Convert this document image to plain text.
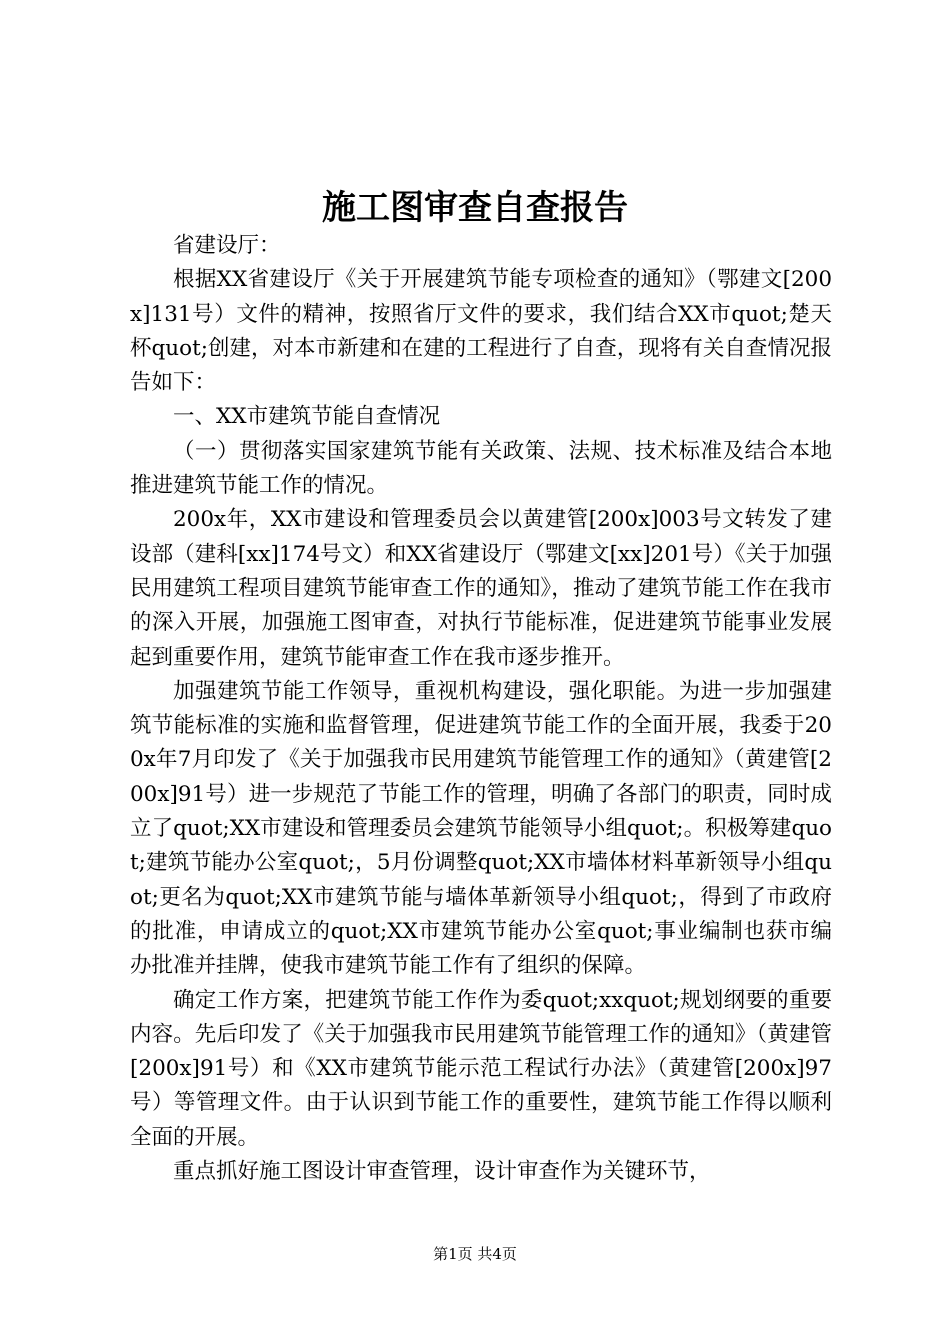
施工图审查自查报告

省建设厅：

根据XX省建设厅《关于开展建筑节能专项检查的通知》（鄂建文[200x]131号）文件的精神，按照省厅文件的要求，我们结合XX市quot;楚天杯quot;创建，对本市新建和在建的工程进行了自查，现将有关自查情况报告如下：

一、XX市建筑节能自查情况

（一）贯彻落实国家建筑节能有关政策、法规、技术标准及结合本地推进建筑节能工作的情况。

200x年，XX市建设和管理委员会以黄建管[200x]003号文转发了建设部（建科[xx]174号文）和XX省建设厅（鄂建文[xx]201号）《关于加强民用建筑工程项目建筑节能审查工作的通知》，推动了建筑节能工作在我市的深入开展，加强施工图审查，对执行节能标准，促进建筑节能事业发展起到重要作用，建筑节能审查工作在我市逐步推开。

加强建筑节能工作领导，重视机构建设，强化职能。为进一步加强建筑节能标准的实施和监督管理，促进建筑节能工作的全面开展，我委于200x年7月印发了《关于加强我市民用建筑节能管理工作的通知》（黄建管[200x]91号）进一步规范了节能工作的管理，明确了各部门的职责，同时成立了quot;XX市建设和管理委员会建筑节能领导小组quot;。积极筹建quot;建筑节能办公室quot;，5月份调整quot;XX市墙体材料革新领导小组quot;更名为quot;XX市建筑节能与墙体革新领导小组quot;，得到了市政府的批准，申请成立的quot;XX市建筑节能办公室quot;事业编制也获市编办批准并挂牌，使我市建筑节能工作有了组织的保障。

确定工作方案，把建筑节能工作作为委quot;xxquot;规划纲要的重要内容。先后印发了《关于加强我市民用建筑节能管理工作的通知》（黄建管[200x]91号）和《XX市建筑节能示范工程试行办法》（黄建管[200x]97号）等管理文件。由于认识到节能工作的重要性，建筑节能工作得以顺利全面的开展。

重点抓好施工图设计审查管理，设计审查作为关键环节，

第1页 共4页
